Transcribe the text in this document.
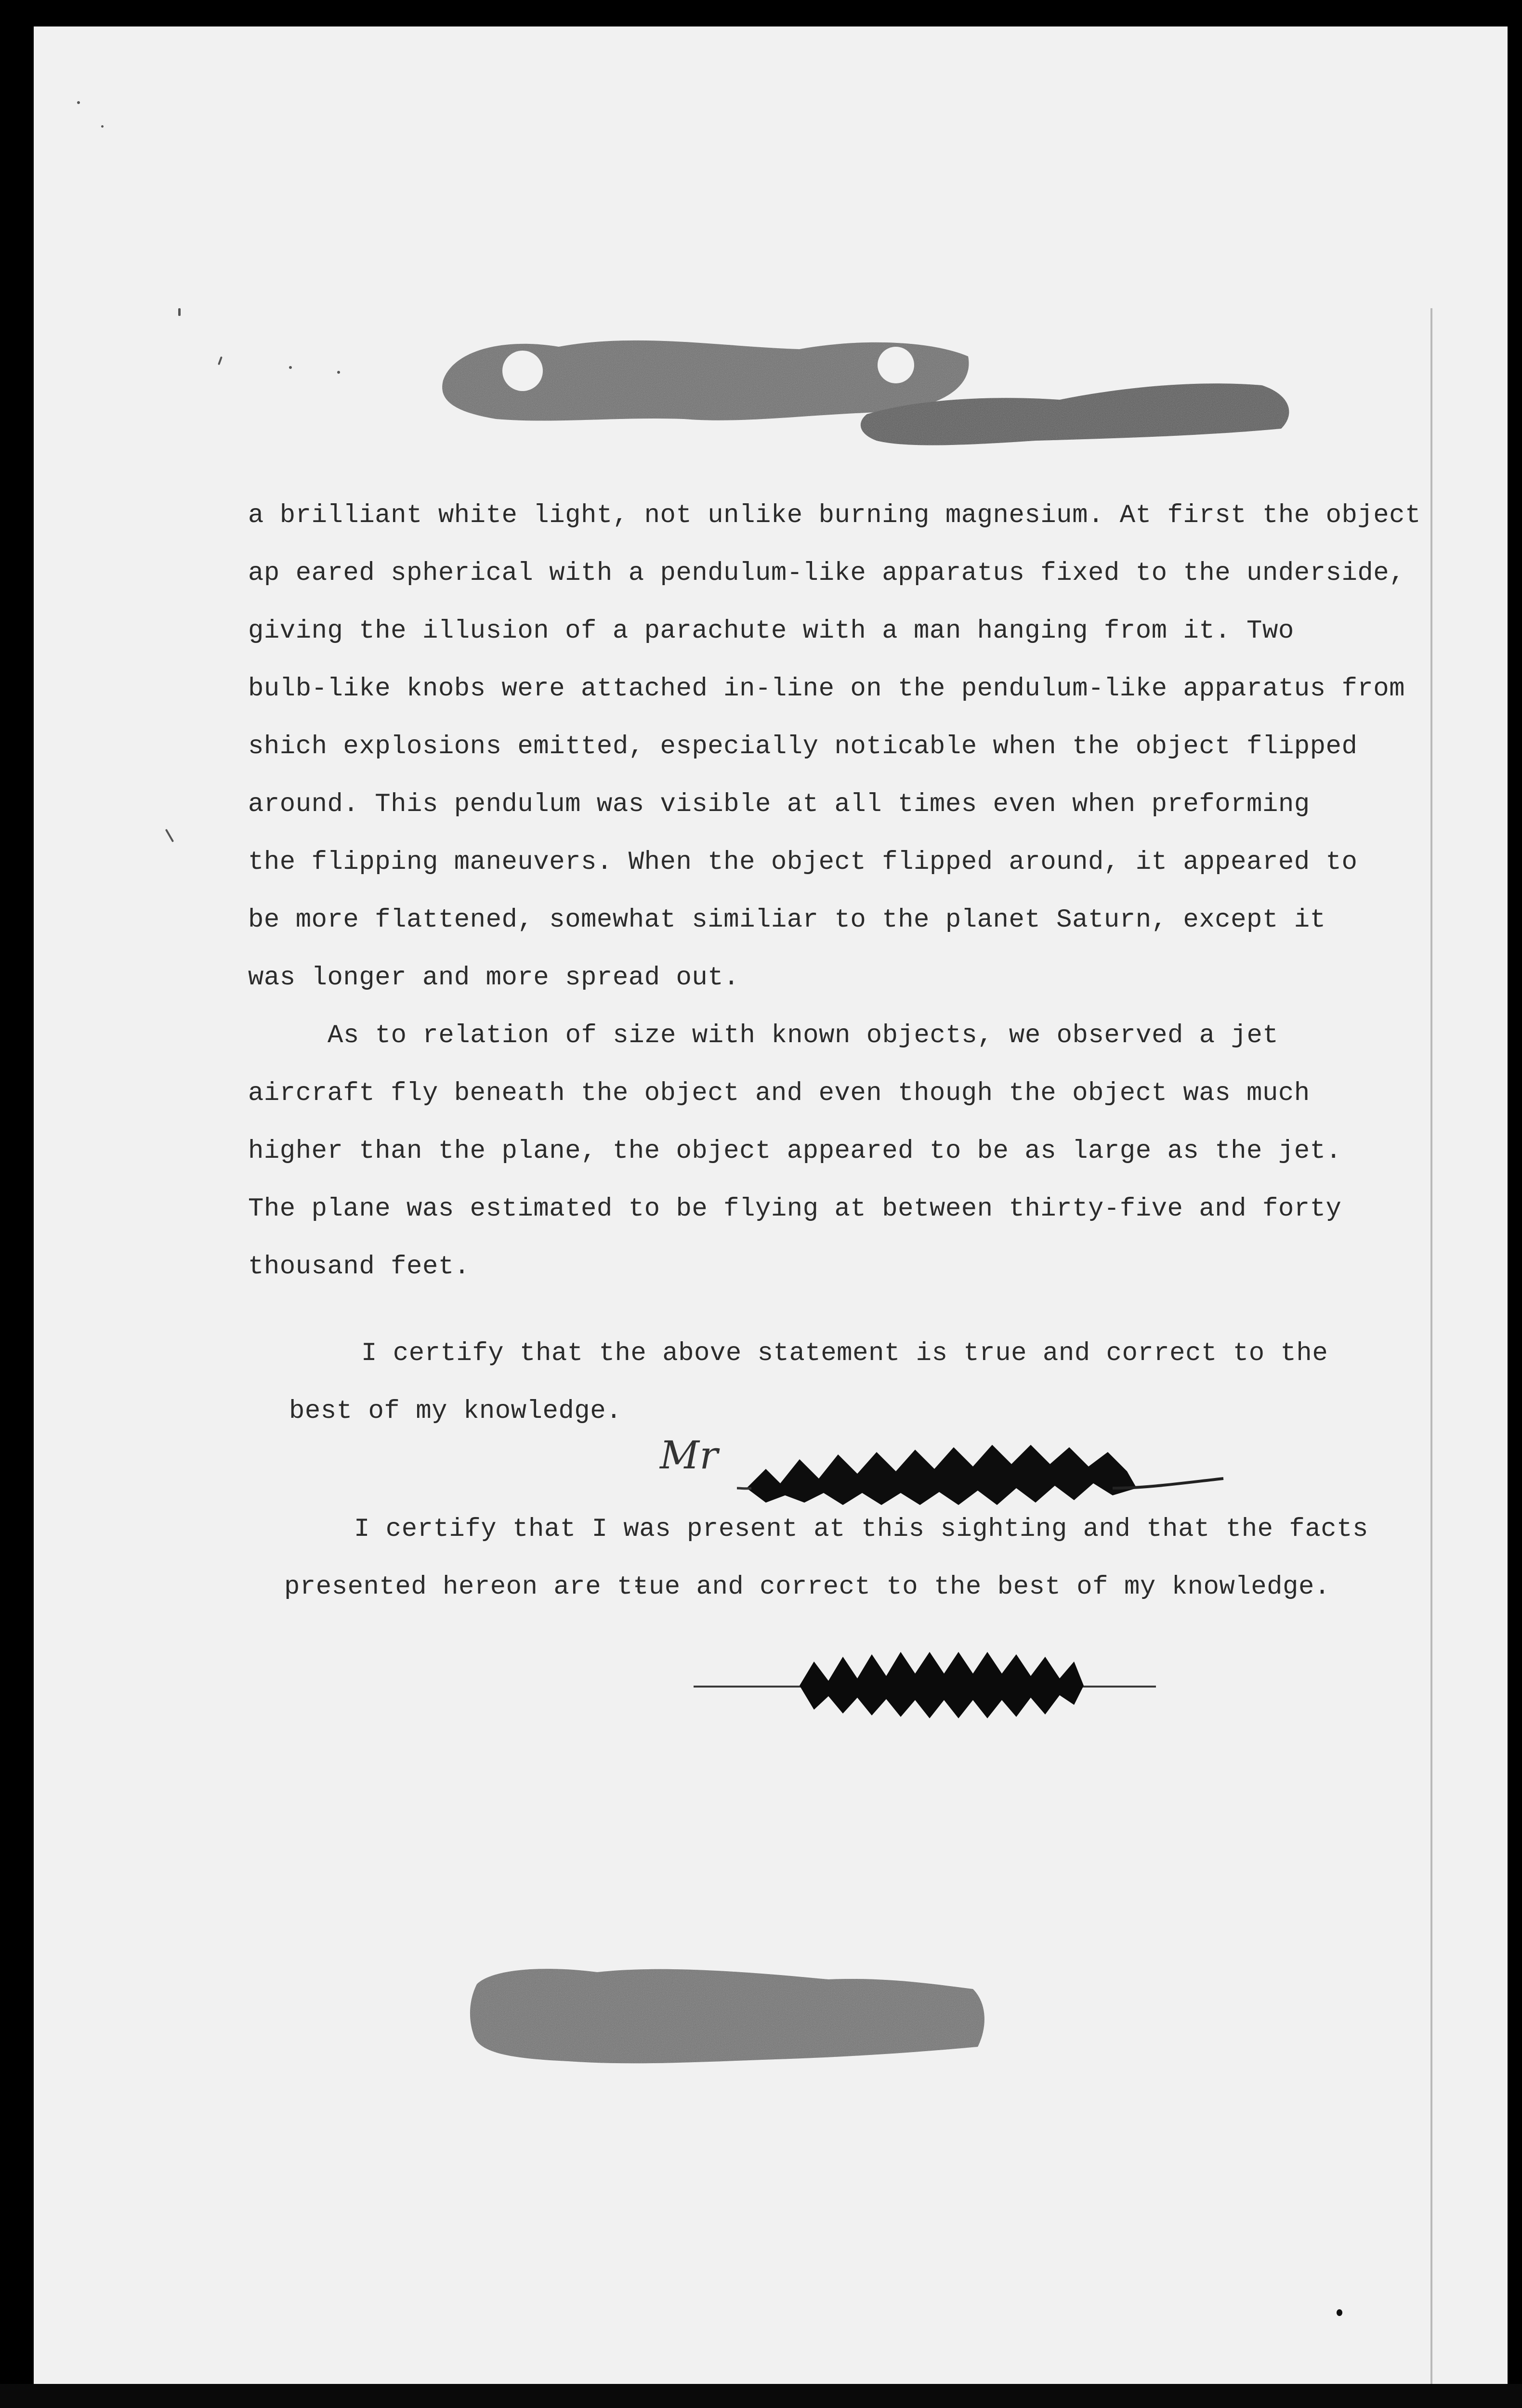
a brilliant white light, not unlike burning magnesium. At first the object
ap eared spherical with a pendulum-like apparatus fixed to the underside,
giving the illusion of a parachute with a man hanging from it. Two
bulb-like knobs were attached in-line on the pendulum-like apparatus from
shich explosions emitted, especially noticable when the object flipped
around. This pendulum was visible at all times even when preforming
the flipping maneuvers. When the object flipped around, it appeared to
be more flattened, somewhat similiar to the planet Saturn, except it
was longer and more spread out.
As to relation of size with known objects, we observed a jet
aircraft fly beneath the object and even though the object was much
higher than the plane, the object appeared to be as large as the jet.
The plane was estimated to be flying at between thirty-five and forty
thousand feet.
I certify that the above statement is true and correct to the
best of my knowledge.
Mr
I certify that I was present at this sighting and that the facts
presented hereon are tŧue and correct to the best of my knowledge.
